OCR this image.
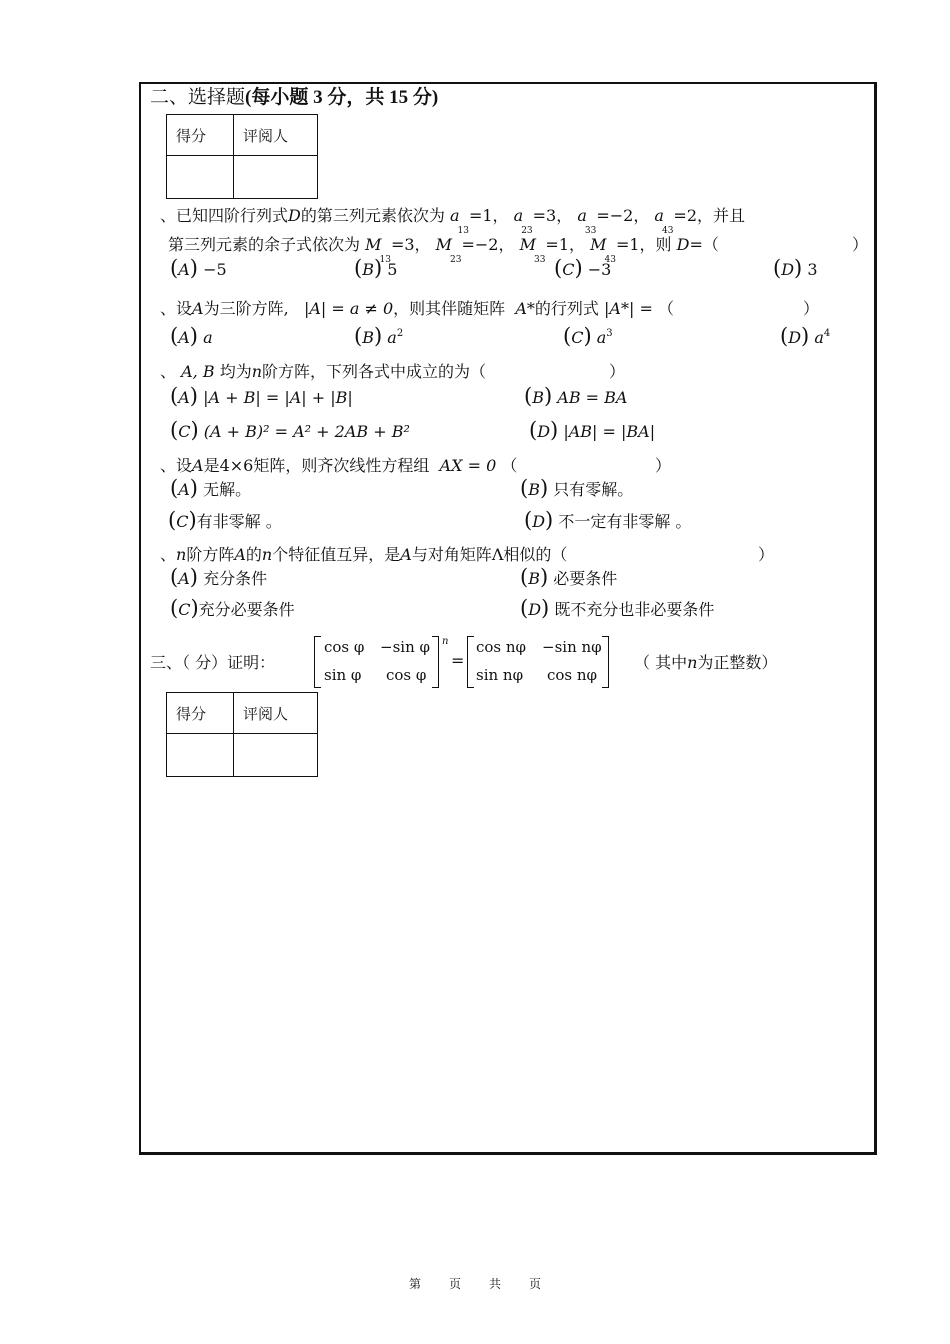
二、选择题(每小题 3 分，共 15 分)
得分	评阅人

、已知四阶行列式D的第三列元素依次为 $a_{13}=1$， $a_{23}=3$， $a_{33}=-2$， $a_{43}=2$，并且
第三列元素的余子式依次为 $M_{13}=3$， $M_{23}=-2$， $M_{33}=1$， $M_{43}=1$，则 D=（	）
(A) −5	(B) 5	(C) −3	(D) 3
、设A为三阶方阵, |A| = a ≠ 0，则其伴随矩阵 A*的行列式 |A*| = （	）
(A) a	(B) $a^2$	(C) $a^3$	(D) $a^4$
、 A, B 均为n阶方阵，下列各式中成立的为（	）
(A) |A + B| = |A| + |B|	(B) AB = BA
(C) (A + B)² = A² + 2AB + B²	(D) |AB| = |BA|
、设A是4×6矩阵，则齐次线性方程组 AX = 0 （	）
(A) 无解。	(B) 只有零解。
(C)有非零解 。	(D) 不一定有非零解 。
、n阶方阵A的n个特征值互异，是A与对角矩阵Λ相似的（	）
(A) 充分条件	(B) 必要条件
(C)充分必要条件	(D) 既不充分也非必要条件
三、（ 分）证明：
cos φ −sin φ
sin φ cos φ
n
=
cos nφ −sin nφ
sin nφ cos nφ
（ 其中n为正整数）
得分	评阅人

第 页 共 页
